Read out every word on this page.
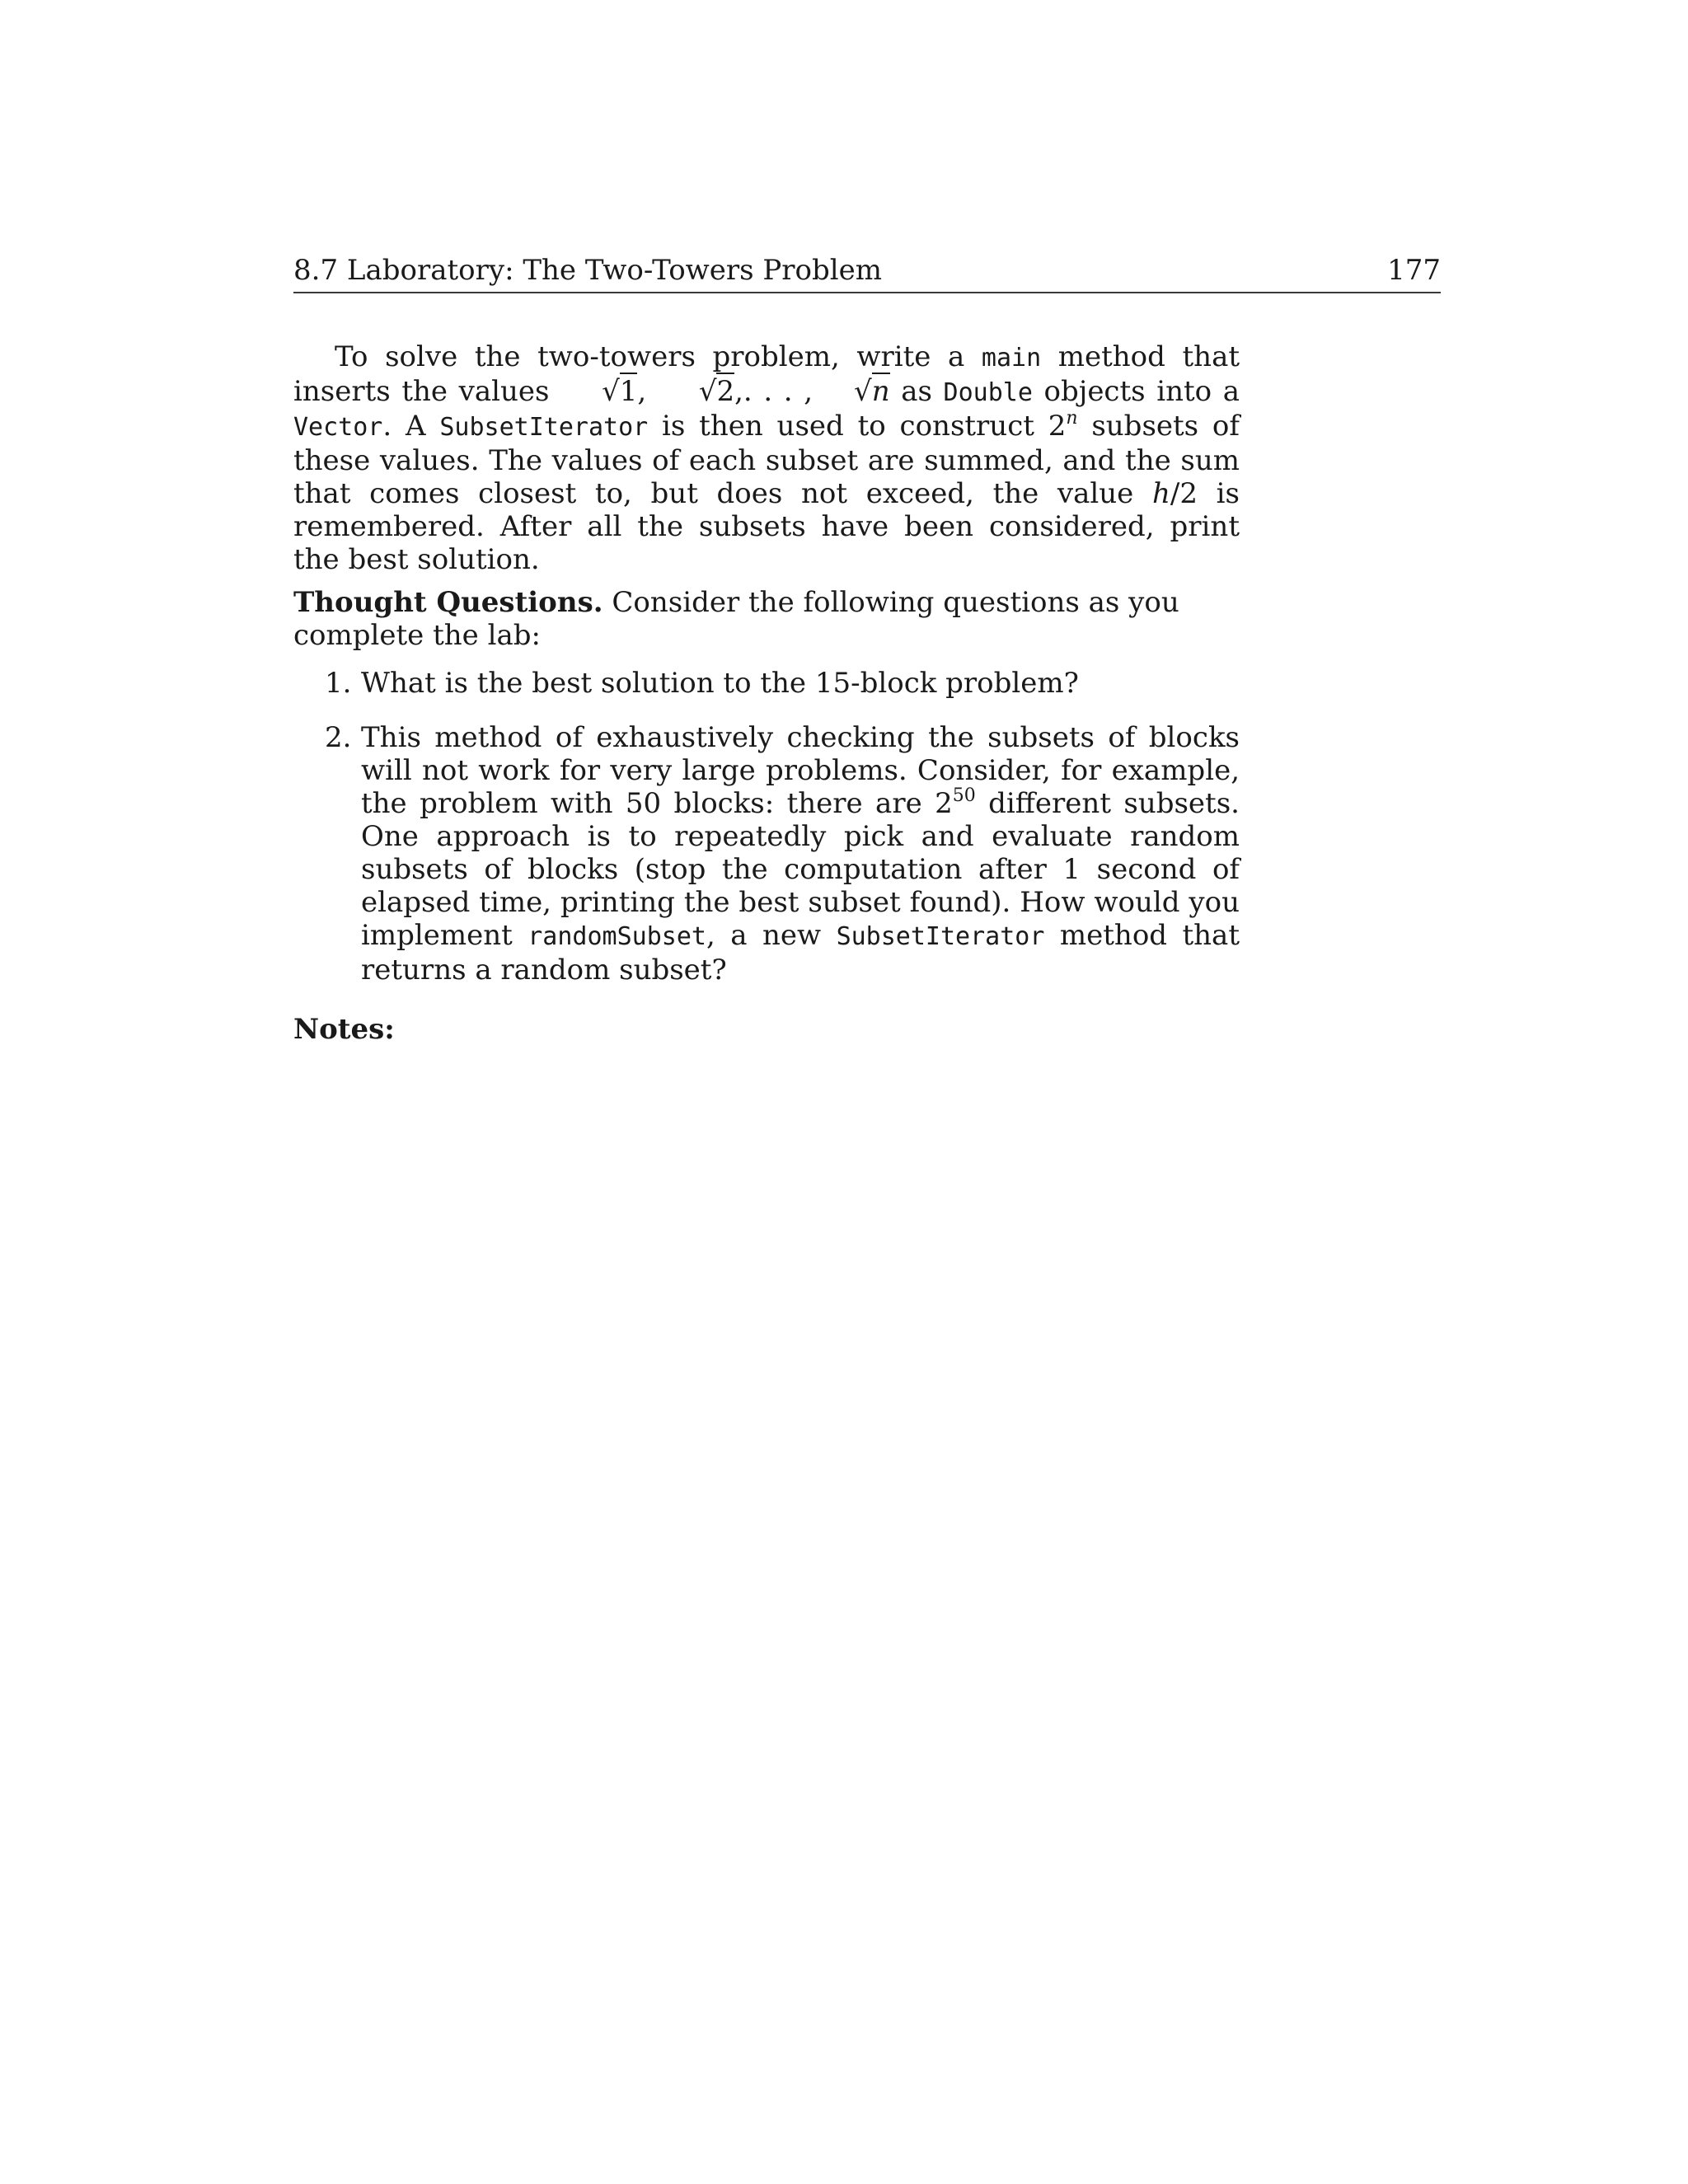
8.7 Laboratory: The Two-Towers Problem	177

To solve the two-towers problem, write a main method that inserts the values √1, √2,. . . , √n as Double objects into a Vector. A SubsetIterator is then used to construct 2$^n$ subsets of these values. The values of each subset are summed, and the sum that comes closest to, but does not exceed, the value h/2 is remembered. After all the subsets have been considered, print the best solution.

Thought Questions. Consider the following questions as you complete the lab:

1. What is the best solution to the 15-block problem?
2. This method of exhaustively checking the subsets of blocks will not work for very large problems. Consider, for example, the problem with 50 blocks: there are $2^{50}$ different subsets. One approach is to repeatedly pick and evaluate random subsets of blocks (stop the computation after 1 second of elapsed time, printing the best subset found). How would you implement randomSubset, a new SubsetIterator method that returns a random subset?

Notes:
